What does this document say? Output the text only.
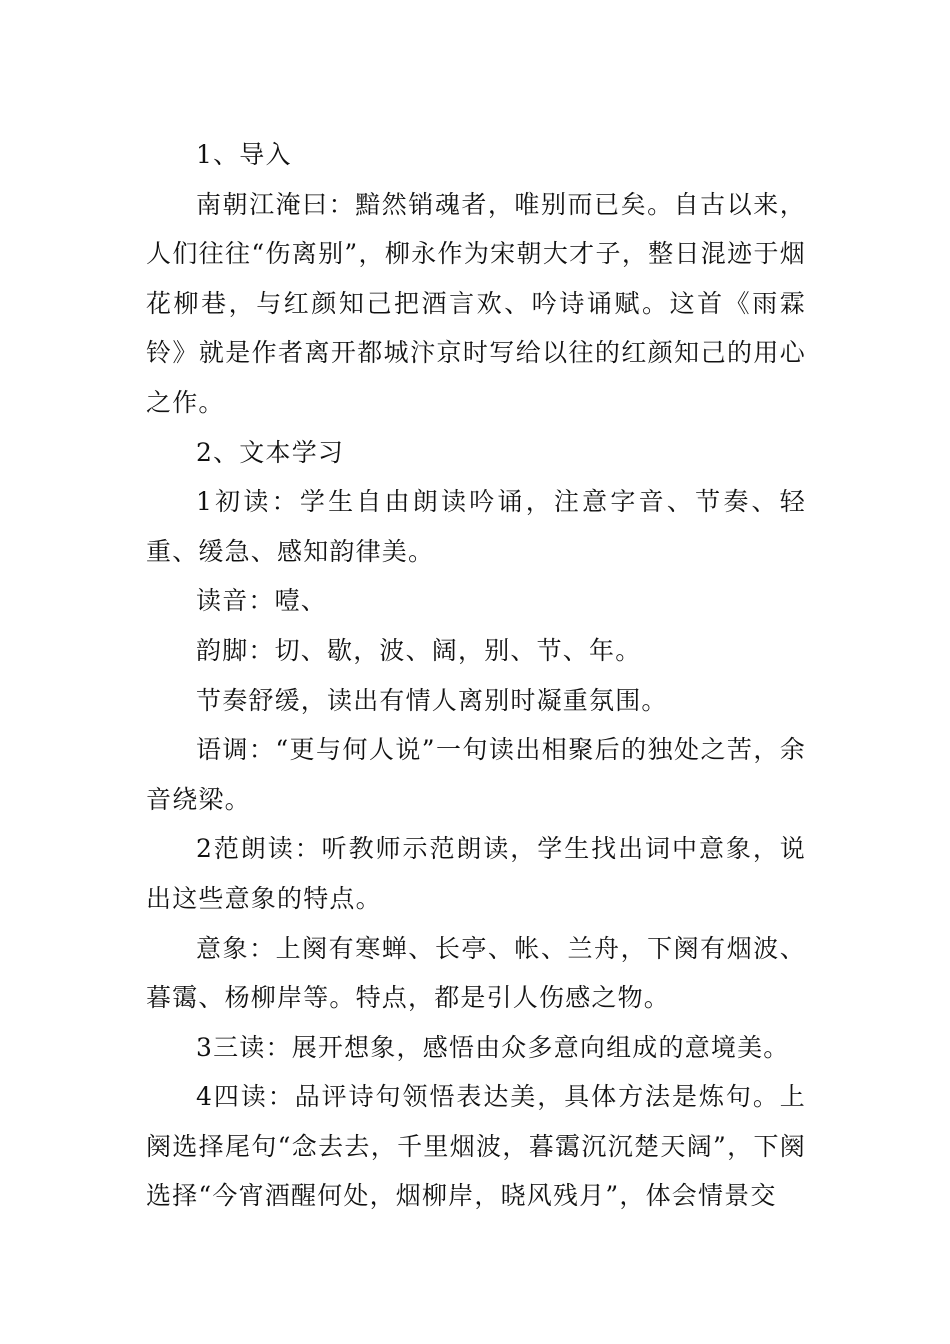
1、导入

南朝江淹曰：黯然销魂者，唯别而已矣。自古以来，人们往往“伤离别”，柳永作为宋朝大才子，整日混迹于烟花柳巷，与红颜知己把酒言欢、吟诗诵赋。这首《雨霖铃》就是作者离开都城汴京时写给以往的红颜知己的用心之作。

2、文本学习

1初读：学生自由朗读吟诵，注意字音、节奏、轻重、缓急、感知韵律美。

读音：噎、

韵脚：切、歇，波、阔，别、节、年。

节奏舒缓，读出有情人离别时凝重氛围。

语调：“更与何人说”一句读出相聚后的独处之苦，余音绕梁。

2范朗读：听教师示范朗读，学生找出词中意象，说出这些意象的特点。

意象：上阕有寒蝉、长亭、帐、兰舟，下阕有烟波、暮霭、杨柳岸等。特点，都是引人伤感之物。

3三读：展开想象，感悟由众多意向组成的意境美。

4四读：品评诗句领悟表达美，具体方法是炼句。上阕选择尾句“念去去，千里烟波，暮霭沉沉楚天阔”，下阕选择“今宵酒醒何处，烟柳岸，晓风残月”，体会情景交
